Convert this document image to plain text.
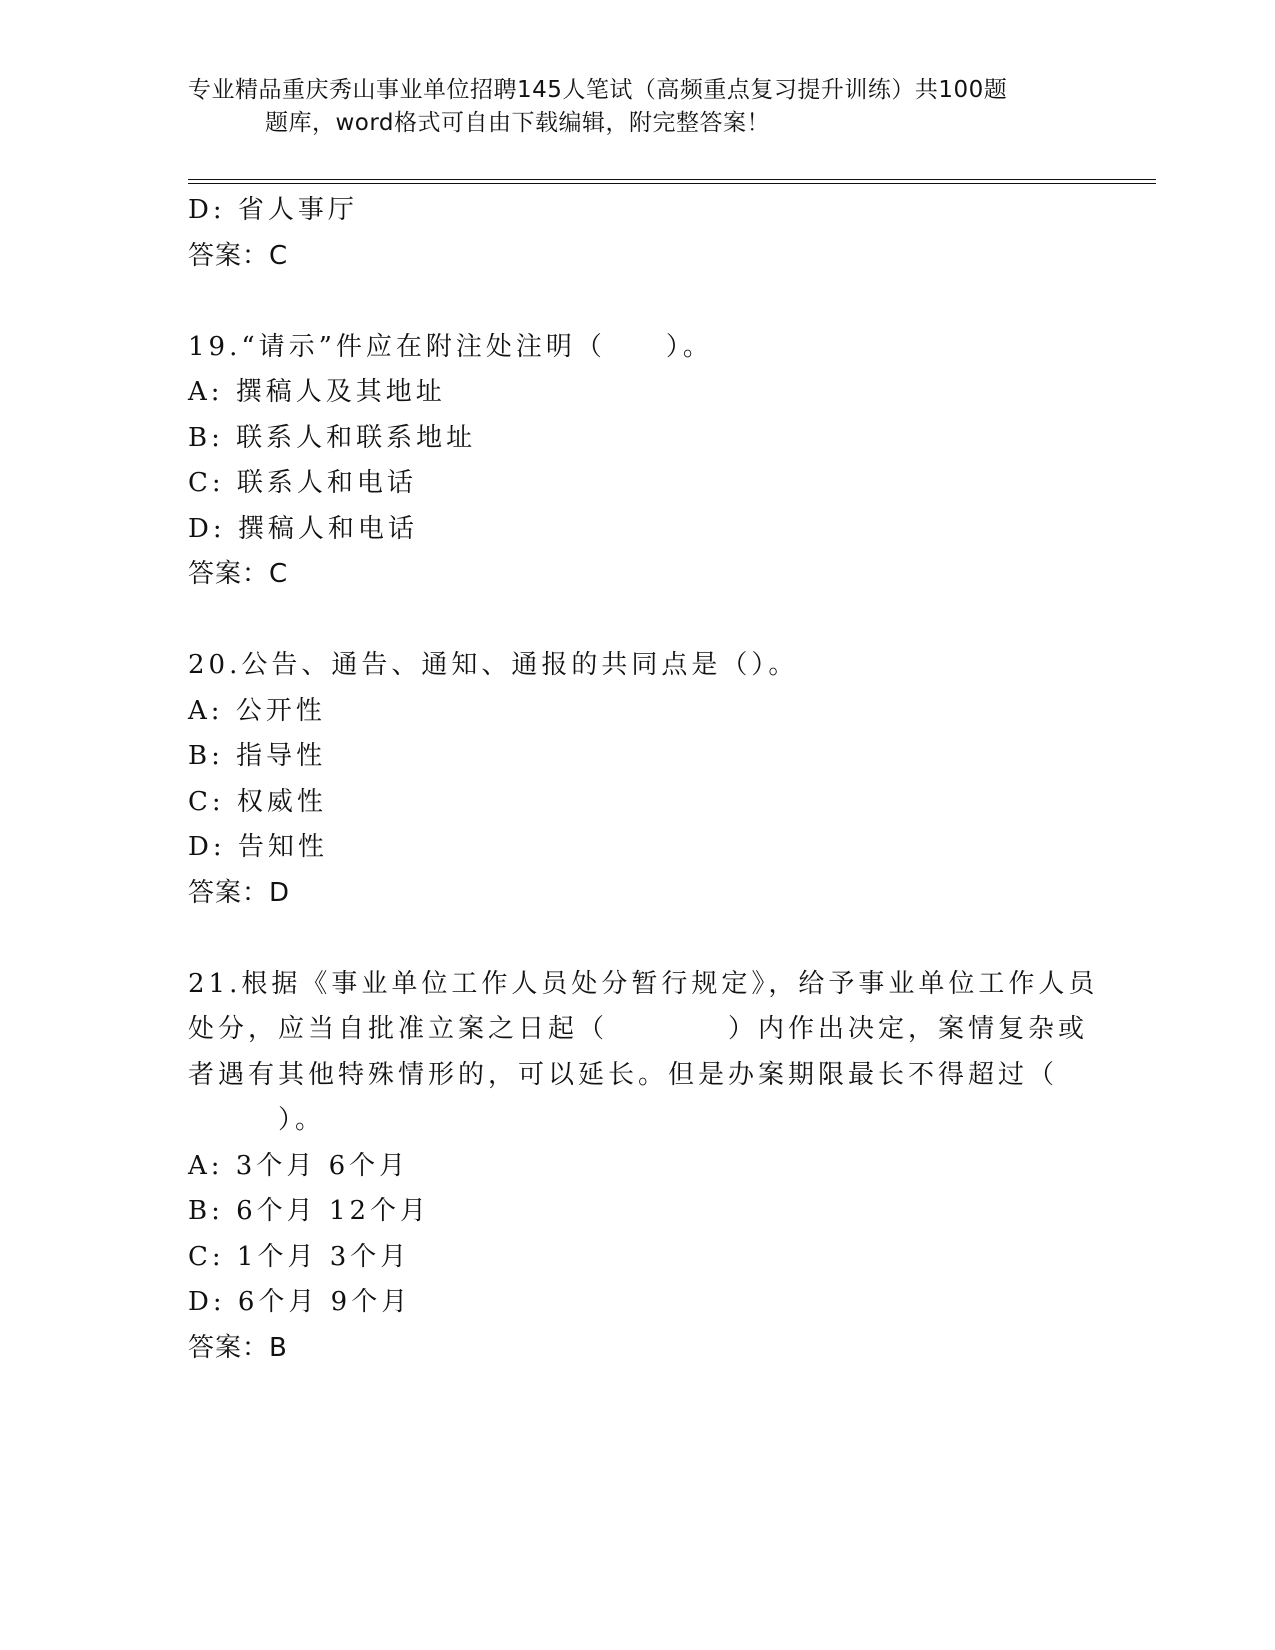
专业精品重庆秀山事业单位招聘145人笔试（高频重点复习提升训练）共100题
题库，word格式可自由下载编辑，附完整答案！
D: 省人事厅
答案：C
19.“请示”件应在附注处注明（　　）。
A: 撰稿人及其地址
B: 联系人和联系地址
C: 联系人和电话
D: 撰稿人和电话
答案：C
20.公告、通告、通知、通报的共同点是（）。
A: 公开性
B: 指导性
C: 权威性
D: 告知性
答案：D
21.根据《事业单位工作人员处分暂行规定》，给予事业单位工作人员
处分，应当自批准立案之日起（　　　　）内作出决定，案情复杂或
者遇有其他特殊情形的，可以延长。但是办案期限最长不得超过（
　　　）。
A: 3个月 6个月
B: 6个月 12个月
C: 1个月 3个月
D: 6个月 9个月
答案：B
